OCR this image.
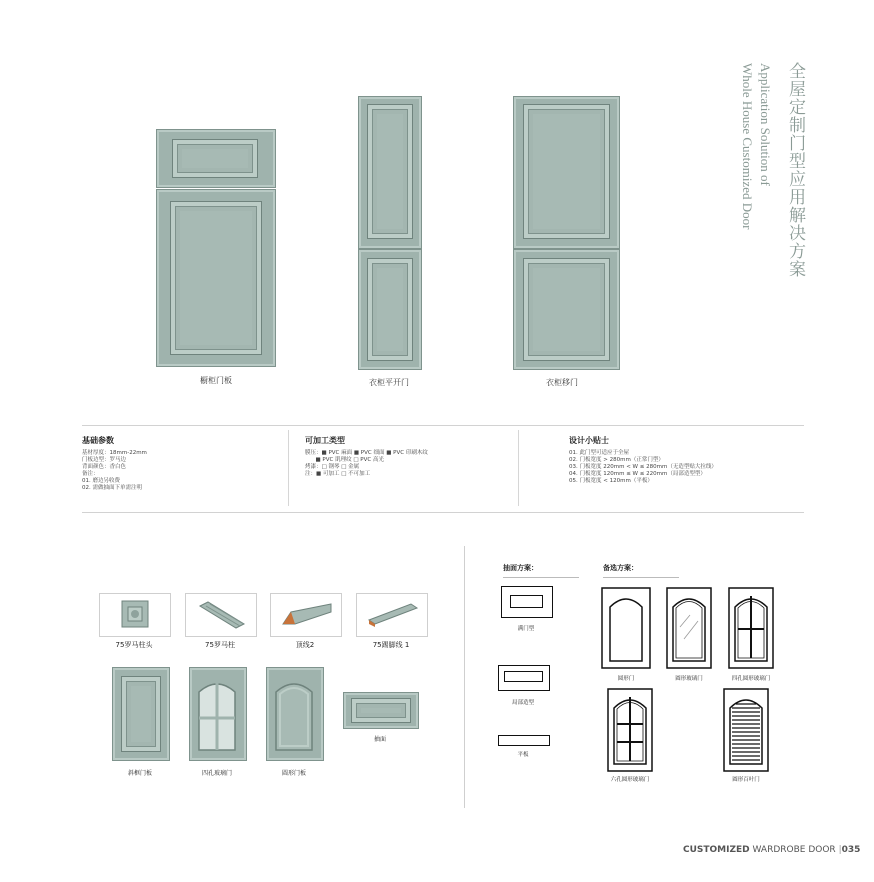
全屋定制门型应用解决方案
Application Solution of
Whole House Customized Door
橱柜门板	衣柜平开门	衣柜移门
基础参数
基材厚度：18mm-22mm
门板边型：罗马边
背面颜色：香白色
备注：
01. 磨边另收费
02. 需做抽面下单需注明
可加工类型
膜压：■ PVC 麻面 ■ PVC 细面 ■ PVC 印刷木纹
■ PVC 肌理纹 □ PVC 高光
烤漆：□ 钢琴 □ 金属
注：■ 可加工 □ 不可加工
设计小贴士
01. 此门型可适应于全屋
02. 门板宽度 > 280mm（正常门型）
03. 门板宽度 220mm < W ≤ 280mm（无造型贴大拉线）
04. 门板宽度 120mm ≤ W ≤ 220mm（局部造型型）
05. 门板宽度 < 120mm（平板）
75罗马柱头	75罗马柱	顶线2	75踢脚线 1
斜框门板	四孔玻璃门	圆形门板
抽面
抽面方案：
满门型
局部造型
平板
备选方案：
圆形门	圆形玻璃门	四孔圆形玻璃门
六孔圆形玻璃门	圆形百叶门
CUSTOMIZED WARDROBE DOOR |035
